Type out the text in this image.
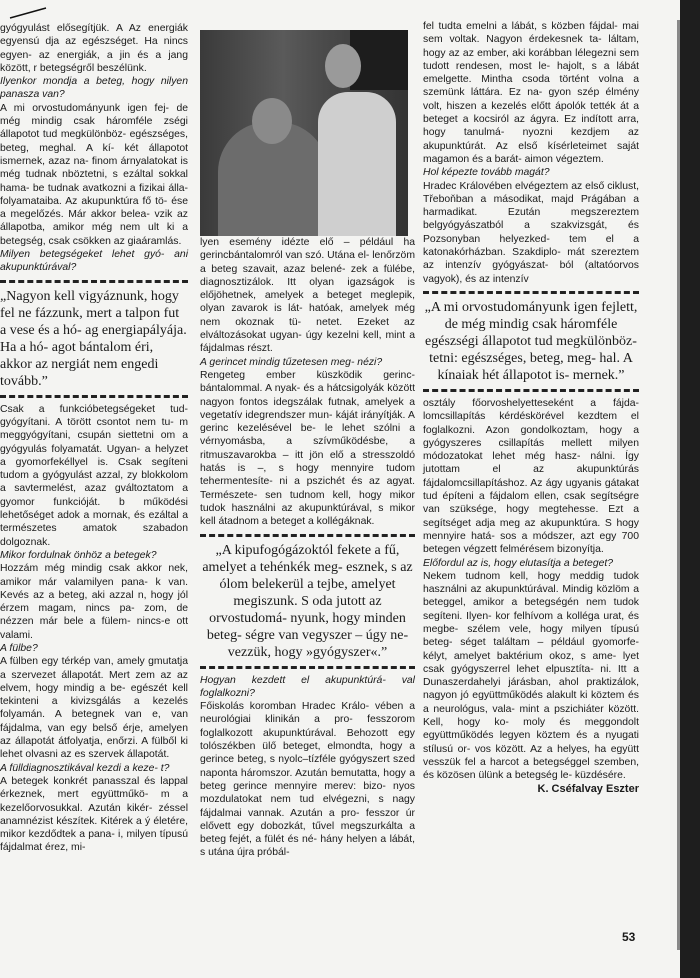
gyógyulást elősegítjük. A Az energiák egyensú dja az egészséget. Ha nincs egyen- az energiák, a jin és a jang között, r betegségről beszélünk.

Ilyenkor mondja a beteg, hogy nilyen panasza van?

A mi orvostudományunk igen fej- de még mindig csak háromféle zségi állapotot tud megkülönböz- egészséges, beteg, meghal. A kí- két állapotot ismernek, azaz na- finom árnyalatokat is még tudnak nböztetni, s ezáltal sokkal hama- be tudnak avatkozni a fizikai álla- folyamataiba. Az akupunktúra fő tö- ése a megelőzés. Már akkor belea- vzik az állapotba, amikor még nem ult ki a betegség, csak csökken az giaáramlás.

Milyen betegségeket lehet gyó- ani akupunktúrával?

„Nagyon kell vigyáznunk, hogy fel ne fázzunk, mert a talpon fut a vese és a hó- ag energiapályája. Ha a hó- agot bántalom éri, akkor az nergiát nem engedi tovább.”

Csak a funkcióbetegségeket tud- gyógyítani. A törött csontot nem tu- m meggyógyítani, csupán siettetni om a gyógyulás folyamatát. Ugyan- a helyzet a gyomorfekéllyel is. Csak segíteni tudom a gyógyulást azzal, zy blokkolom a savtermelést, azaz gváltoztatom a gyomor funkcióját. b működési lehetőséget adok a mornak, és ezáltal a természetes amatok szabadon dolgoznak.

Mikor fordulnak önhöz a betegek?

Hozzám még mindig csak akkor nek, amikor már valamilyen pana- k van. Kevés az a beteg, aki azzal n, hogy jól érzem magam, nincs pa- zom, de nézzen már bele a fülem- nincs-e ott valami.

A fülbe?

A fülben egy térkép van, amely gmutatja a szervezet állapotát. Mert zem az az elvem, hogy mindig a be- egészét kell tekinteni a kivizsgálás a kezelés folyamán. A betegnek van e, van fájdalma, van egy belső érje, amelyen az állapotát átfolyatja, enőrzi. A fülből ki lehet olvasni az es szervek állapotát.

A fülldiagnosztikával kezdi a keze- t?

A betegek konkrét panasszal és lappal érkeznek, mert együttműkö- m a kezelőorvosukkal. Azután kikér- zéssel anamnézist készítek. Kitérek a ý életére, mikor kezdődtek a pana- i, milyen típusú fájdalmat érez, mi-

lyen esemény idézte elő – például ha gerincbántalomról van szó. Utána el- lenőrzöm a beteg szavait, azaz belené- zek a fülébe, diagnosztizálok. Itt olyan igazságok is előjöhetnek, amelyek a beteget meglepik, olyan zavarok is lát- hatóak, amelyek még nem okoznak tü- netet. Ezeket az elváltozásokat ugyan- úgy kezelni kell, mint a fájdalmas részt.

A gerincet mindig tűzetesen meg- nézi?

Rengeteg ember küszködik gerinc- bántalommal. A nyak- és a hátcsigolyák között nagyon fontos idegszálak futnak, amelyek a vegetatív idegrendszer mun- káját irányítják. A gerinc kezelésével be- le lehet szólni a vérnyomásba, a szívműködésbe, a ritmuszavarokba – itt jön elő a stresszoldó hatás is –, s hogy mennyire tudom tehermentesíte- ni a pszichét és az agyat. Természete- sen tudnom kell, hogy mikor tudok használni az akupunktúrával, s mikor kell átadnom a beteget a kollégáknak.

„A kipufogógázoktól fekete a fű, amelyet a tehénkék meg- esznek, s az ólom belekerül a tejbe, amelyet megiszunk. S oda jutott az orvostudomá- nyunk, hogy minden beteg- ségre van vegyszer – úgy ne- vezzük, hogy »gyógyszer«.”

Hogyan kezdett el akupunktúrá- val foglalkozni?

Főiskolás koromban Hradec Králo- vében a neurológiai klinikán a pro- fesszorom foglalkozott akupunktúrával. Behozott egy tolószékben ülő beteget, elmondta, hogy a gerince beteg, s nyolc–tízféle gyógyszert szed naponta háromszor. Azután bemutatta, hogy a beteg gerince mennyire merev: bizo- nyos mozdulatokat nem tud elvégezni, s nagy fájdalmai vannak. Azután a pro- fesszor úr elővett egy dobozkát, tűvel megszurkálta a beteg fejét, a fülét és né- hány helyen a lábát, s utána újra próbál-

fel tudta emelni a lábát, s közben fájdal- mai sem voltak. Nagyon érdekesnek ta- láltam, hogy az az ember, aki korábban lélegezni sem tudott rendesen, most le- hajolt, s a lábát emelgette. Mintha csoda történt volna a szemünk láttára. Ez na- gyon szép élmény volt, hiszen a kezelés előtt ápolók tették át a beteget a kocsiról az ágyra. Ez indított arra, hogy tanulmá- nyozni kezdjem az akupunktúrát. Az első kísérleteimet saját magamon és a barát- aimon végeztem.

Hol képezte tovább magát?

Hradec Královében elvégeztem az első ciklust, Třeboňban a másodikat, majd Prágában a harmadikat. Ezután megszereztem belgyógyászatból a szakvizsgát, és Pozsonyban helyezked- tem el a katonakórházban. Szakdiplo- mát szereztem az intenzív gyógyászat- ból (altatóorvos vagyok), és az intenzív

„A mi orvostudományunk igen fejlett, de még mindig csak háromféle egészségi állapotot tud megkülönböz- tetni: egészséges, beteg, meg- hal. A kínaiak hét állapotot is- mernek.”

osztály főorvoshelyetteseként a fájda- lomcsillapítás kérdéskörével kezdtem el foglalkozni. Azon gondolkoztam, hogy a gyógyszeres csillapítás mellett milyen módozatokat lehet még hasz- nálni. Így jutottam el az akupunktúrás fájdalomcsillapításhoz. Az ágy ugyanis gátakat tud építeni a fájdalom ellen, csak segítségre van szüksége, hogy megtehesse. Ezt a segítséget adja meg az akupunktúra. S hogy mennyire hatá- sos a módszer, azt egy 700 betegen végzett felmérésem bizonyítja.

Előfordul az is, hogy elutasítja a beteget?

Nekem tudnom kell, hogy meddig tudok használni az akupunktúrával. Mindig közlöm a beteggel, amikor a betegségén nem tudok segíteni. Ilyen- kor felhívom a kolléga urat, és megbe- szélem vele, hogy milyen típusú beteg- séget találtam – például gyomorfe- kélyt, amelyet baktérium okoz, s ame- lyet csak gyógyszerrel lehet elpusztíta- ni. Itt a Dunaszerdahelyi járásban, ahol praktizálok, nagyon jó együttműködés alakult ki köztem és a neurológus, vala- mint a pszichiáter között. Kell, hogy ko- moly és meggondolt együttműködés legyen köztem és a nyugati stílusú or- vos között. Az a helyes, ha együtt vesszük fel a harcot a betegséggel szemben, és közösen ülünk a betegség le- küzdésére.

K. Cséfalvay Eszter

53
